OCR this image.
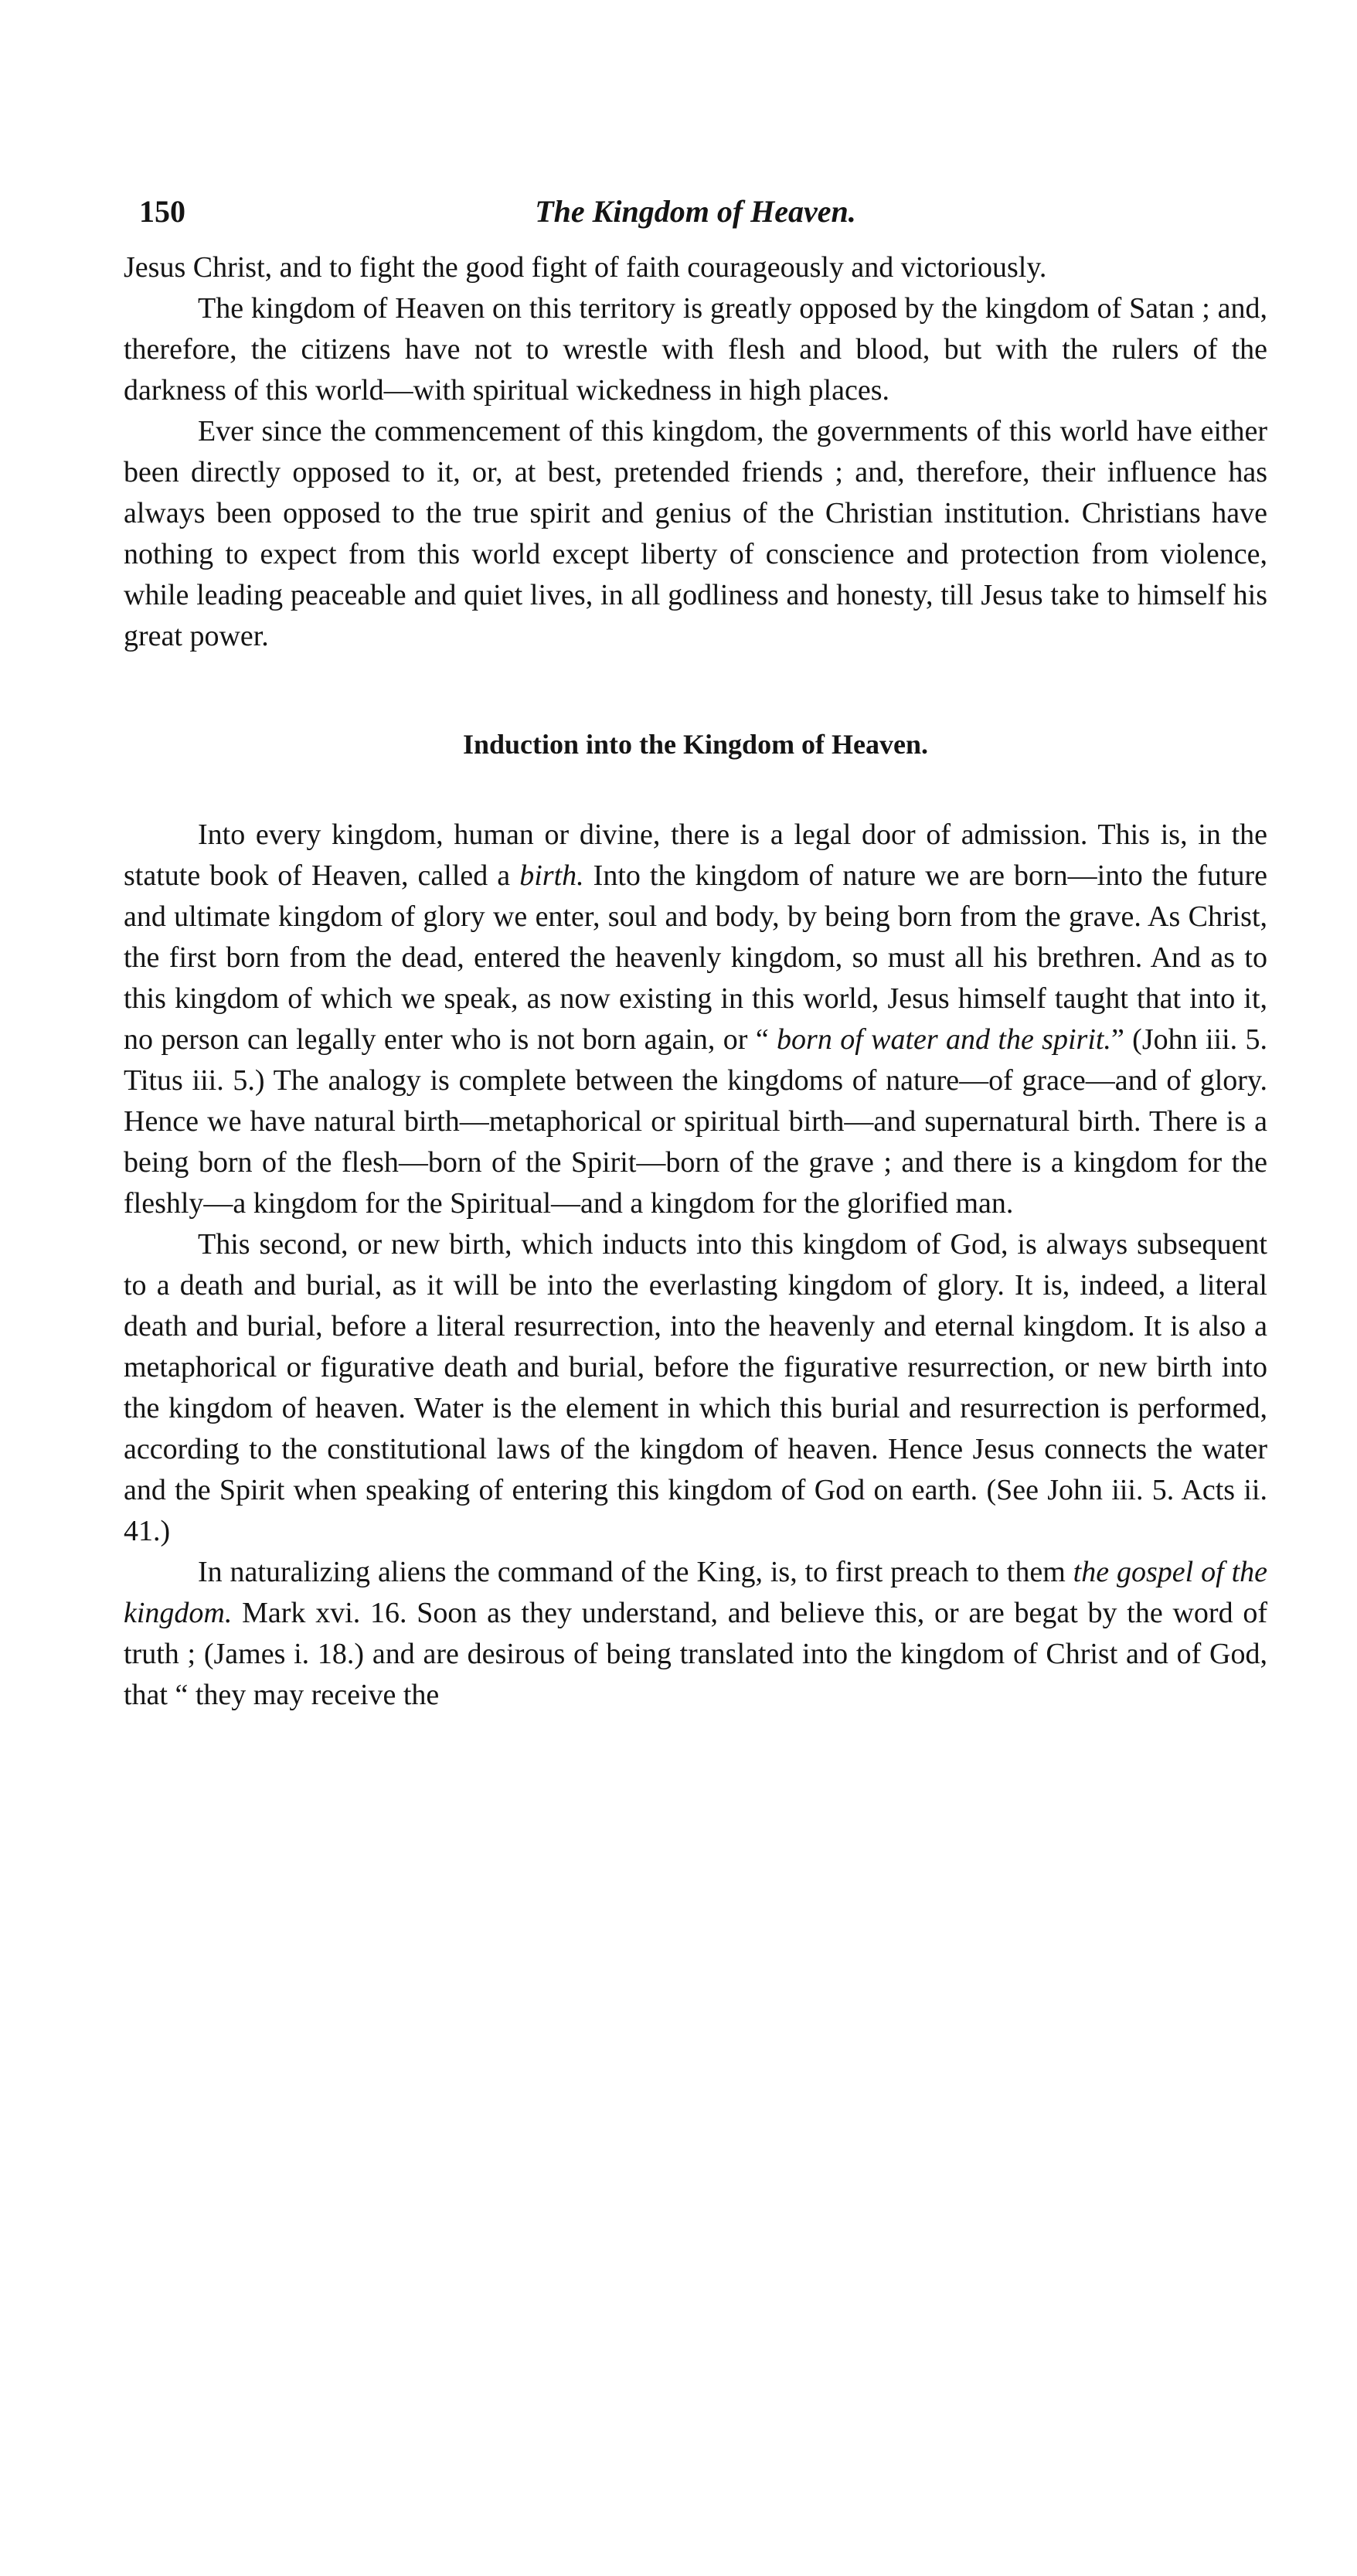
150	The Kingdom of Heaven.

Jesus Christ, and to fight the good fight of faith courageously and victoriously.

The kingdom of Heaven on this territory is greatly opposed by the kingdom of Satan ; and, therefore, the citizens have not to wrestle with flesh and blood, but with the rulers of the darkness of this world—with spiritual wickedness in high places.

Ever since the commencement of this kingdom, the governments of this world have either been directly opposed to it, or, at best, pretended friends ; and, therefore, their influence has always been opposed to the true spirit and genius of the Christian institution. Christians have nothing to expect from this world except liberty of conscience and protection from violence, while leading peaceable and quiet lives, in all godliness and honesty, till Jesus take to himself his great power.

Induction into the Kingdom of Heaven.

Into every kingdom, human or divine, there is a legal door of admission. This is, in the statute book of Heaven, called a birth. Into the kingdom of nature we are born—into the future and ultimate kingdom of glory we enter, soul and body, by being born from the grave. As Christ, the first born from the dead, entered the heavenly kingdom, so must all his brethren. And as to this kingdom of which we speak, as now existing in this world, Jesus himself taught that into it, no person can legally enter who is not born again, or “ born of water and the spirit.” (John iii. 5. Titus iii. 5.) The analogy is complete between the kingdoms of nature—of grace—and of glory. Hence we have natural birth—metaphorical or spiritual birth—and supernatural birth. There is a being born of the flesh—born of the Spirit—born of the grave ; and there is a kingdom for the fleshly—a kingdom for the Spiritual—and a kingdom for the glorified man.

This second, or new birth, which inducts into this kingdom of God, is always subsequent to a death and burial, as it will be into the everlasting kingdom of glory. It is, indeed, a literal death and burial, before a literal resurrection, into the heavenly and eternal kingdom. It is also a metaphorical or figurative death and burial, before the figurative resurrection, or new birth into the kingdom of heaven. Water is the element in which this burial and resurrection is performed, according to the constitutional laws of the kingdom of heaven. Hence Jesus connects the water and the Spirit when speaking of entering this kingdom of God on earth. (See John iii. 5. Acts ii. 41.)

In naturalizing aliens the command of the King, is, to first preach to them the gospel of the kingdom. Mark xvi. 16. Soon as they understand, and believe this, or are begat by the word of truth ; (James i. 18.) and are desirous of being translated into the kingdom of Christ and of God, that “ they may receive the
